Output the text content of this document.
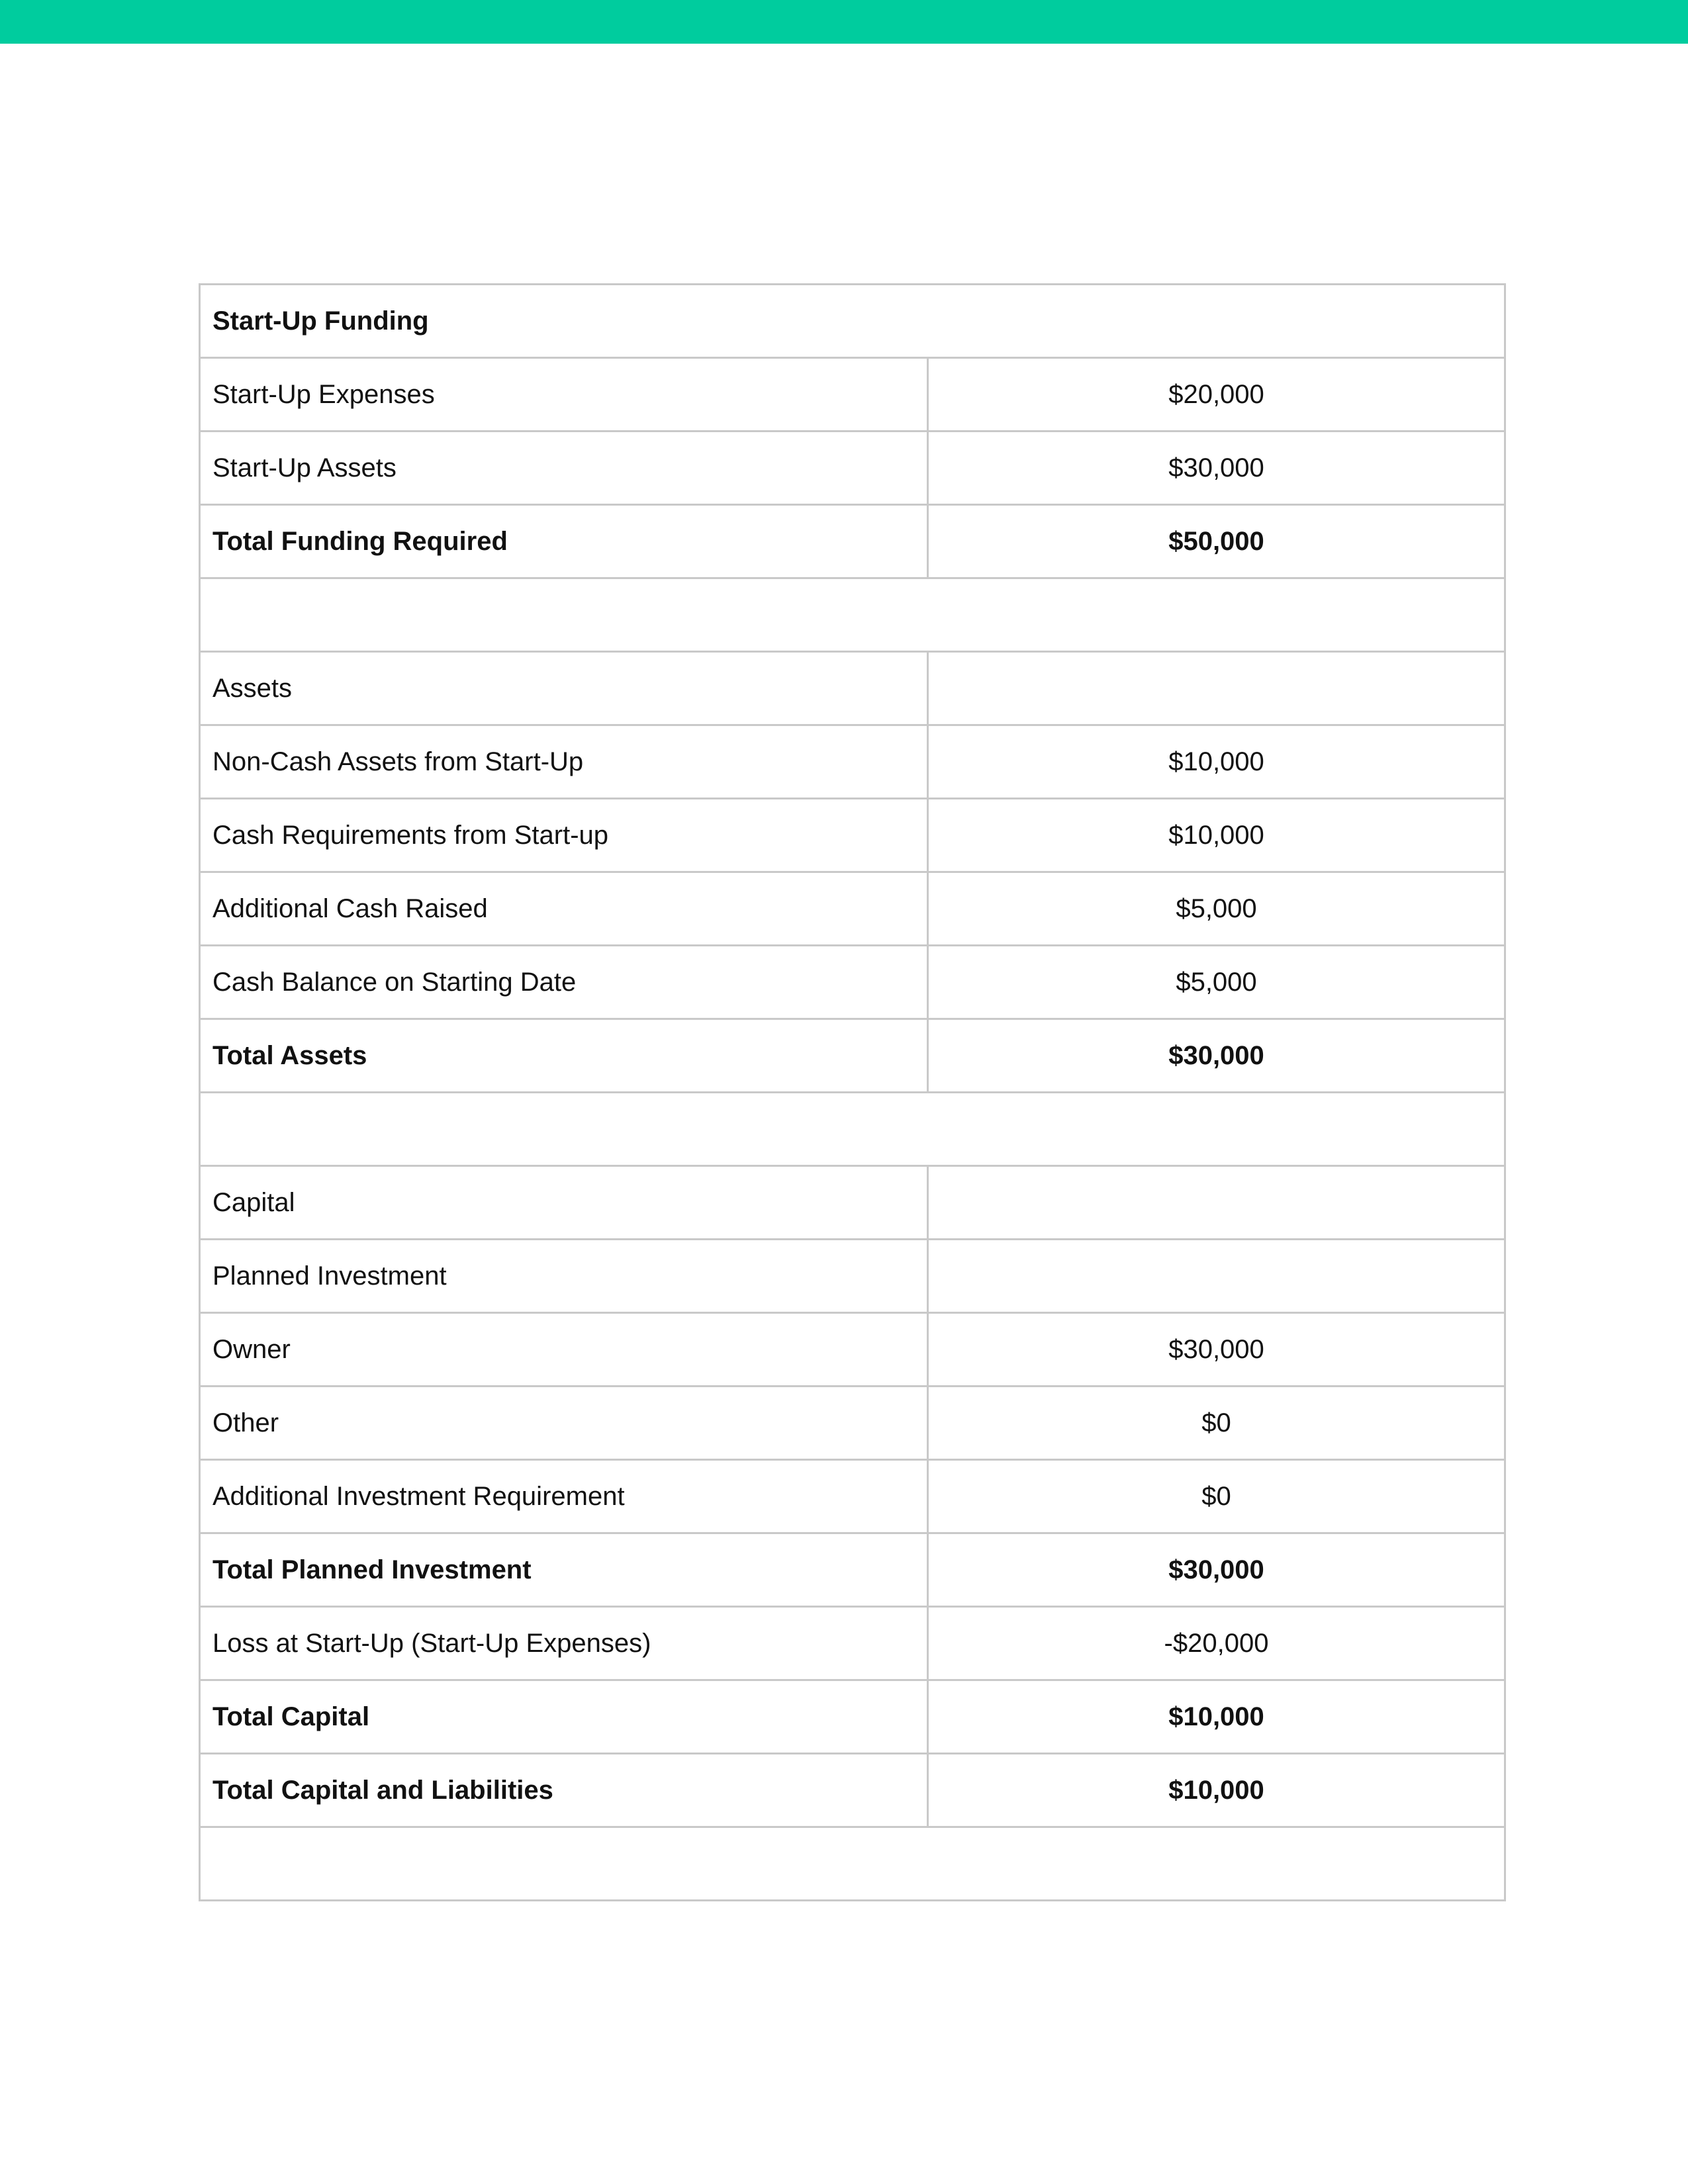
Start-Up Funding	
Start-Up Expenses	$20,000
Start-Up Assets	$30,000
Total Funding Required	$50,000

Assets	
Non-Cash Assets from Start-Up	$10,000
Cash Requirements from Start-up	$10,000
Additional Cash Raised	$5,000
Cash Balance on Starting Date	$5,000
Total Assets	$30,000

Capital	
Planned Investment	
Owner	$30,000
Other	$0
Additional Investment Requirement	$0
Total Planned Investment	$30,000
Loss at Start-Up (Start-Up Expenses)	-$20,000
Total Capital	$10,000
Total Capital and Liabilities	$10,000
